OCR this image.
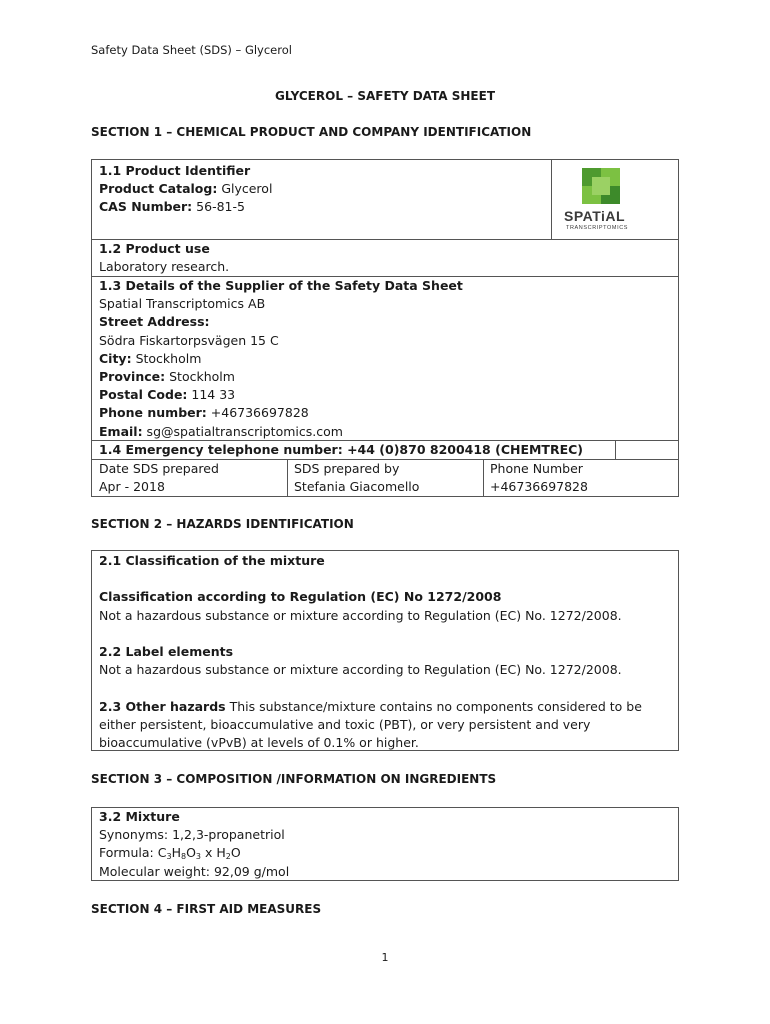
Safety Data Sheet (SDS) – Glycerol
GLYCEROL – SAFETY DATA SHEET
SECTION 1 – CHEMICAL PRODUCT AND COMPANY IDENTIFICATION
1.1 Product Identifier
Product Catalog: Glycerol
CAS Number: 56-81-5
SPATiAL
TRANSCRIPTOMICS
1.2 Product use
Laboratory research.
1.3 Details of the Supplier of the Safety Data Sheet
Spatial Transcriptomics AB
Street Address:
Södra Fiskartorpsvägen 15 C
City: Stockholm
Province: Stockholm
Postal Code: 114 33
Phone number: +46736697828
Email: sg@spatialtranscriptomics.com
1.4 Emergency telephone number: +44 (0)870 8200418 (CHEMTREC)
Date SDS prepared
Apr - 2018
SDS prepared by
Stefania Giacomello
Phone Number
+46736697828
SECTION 2 – HAZARDS IDENTIFICATION
2.1 Classification of the mixture

Classification according to Regulation (EC) No 1272/2008
Not a hazardous substance or mixture according to Regulation (EC) No. 1272/2008.

2.2 Label elements
Not a hazardous substance or mixture according to Regulation (EC) No. 1272/2008.

2.3 Other hazards This substance/mixture contains no components considered to be
either persistent, bioaccumulative and toxic (PBT), or very persistent and very
bioaccumulative (vPvB) at levels of 0.1% or higher.
SECTION 3 – COMPOSITION /INFORMATION ON INGREDIENTS
3.2 Mixture
Synonyms: 1,2,3-propanetriol
Formula: $C_3H_8O_3$ x $H_2O$
Molecular weight: 92,09 g/mol
SECTION 4 – FIRST AID MEASURES
1
